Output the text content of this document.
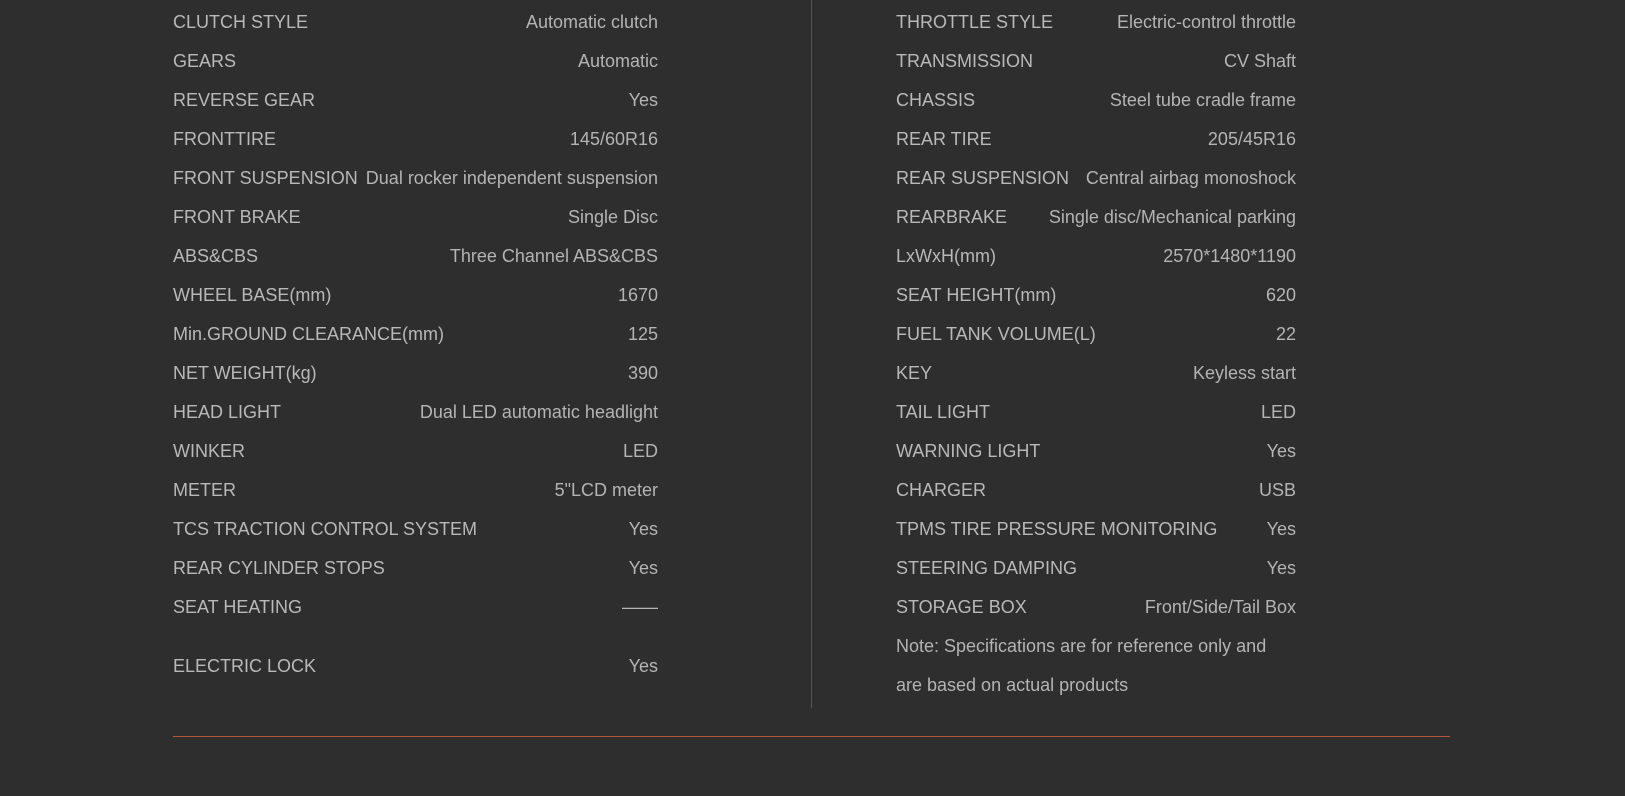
CLUTCH STYLE	Automatic clutch
GEARS	Automatic
REVERSE GEAR	Yes
FRONTTIRE	145/60R16
FRONT SUSPENSION Dual rocker independent suspension
FRONT BRAKE	Single Disc
ABS&CBS	Three Channel ABS&CBS
WHEEL BASE(mm)	1670
Min.GROUND CLEARANCE(mm)	125
NET WEIGHT(kg)	390
HEAD LIGHT	Dual LED automatic headlight
WINKER	LED
METER	5"LCD meter
TCS TRACTION CONTROL SYSTEM	Yes
REAR CYLINDER STOPS	Yes
SEAT HEATING	——
ELECTRIC LOCK	Yes
THROTTLE STYLE	Electric-control throttle
TRANSMISSION	CV Shaft
CHASSIS	Steel tube cradle frame
REAR TIRE	205/45R16
REAR SUSPENSION Central airbag monoshock
REARBRAKE Single disc/Mechanical parking
LxWxH(mm)	2570*1480*1190
SEAT HEIGHT(mm)	620
FUEL TANK VOLUME(L)	22
KEY	Keyless start
TAIL LIGHT	LED
WARNING LIGHT	Yes
CHARGER	USB
TPMS TIRE PRESSURE MONITORING	Yes
STEERING DAMPING	Yes
STORAGE BOX	Front/Side/Tail Box
Note: Specifications are for reference only and are based on actual products
